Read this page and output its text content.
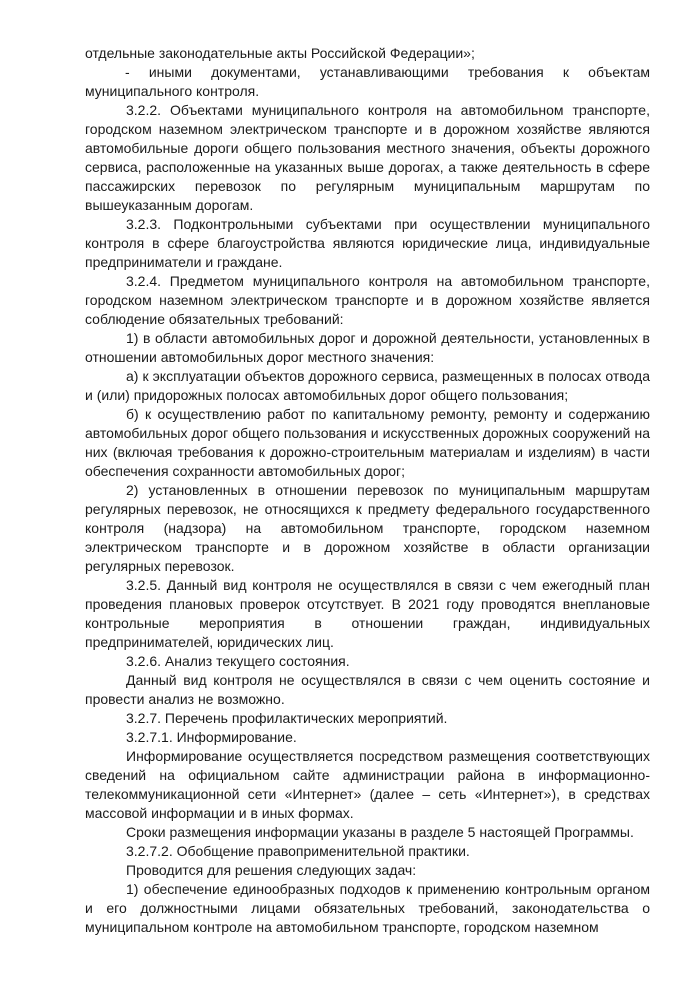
отдельные законодательные акты Российской Федерации»;

- иными документами, устанавливающими требования к объектам муниципального контроля.

3.2.2. Объектами муниципального контроля на автомобильном транспорте, городском наземном электрическом транспорте и в дорожном хозяйстве являются автомобильные дороги общего пользования местного значения, объекты дорожного сервиса, расположенные на указанных выше дорогах, а также деятельность в сфере пассажирских перевозок по регулярным муниципальным маршрутам по вышеуказанным дорогам.

3.2.3. Подконтрольными субъектами при осуществлении муниципального контроля в сфере благоустройства являются юридические лица, индивидуальные предприниматели и граждане.

3.2.4. Предметом муниципального контроля на автомобильном транспорте, городском наземном электрическом транспорте и в дорожном хозяйстве является соблюдение обязательных требований:

1) в области автомобильных дорог и дорожной деятельности, установленных в отношении автомобильных дорог местного значения:

а) к эксплуатации объектов дорожного сервиса, размещенных в полосах отвода и (или) придорожных полосах автомобильных дорог общего пользования;

б) к осуществлению работ по капитальному ремонту, ремонту и содержанию автомобильных дорог общего пользования и искусственных дорожных сооружений на них (включая требования к дорожно-строительным материалам и изделиям) в части обеспечения сохранности автомобильных дорог;

2) установленных в отношении перевозок по муниципальным маршрутам регулярных перевозок, не относящихся к предмету федерального государственного контроля (надзора) на автомобильном транспорте, городском наземном электрическом транспорте и в дорожном хозяйстве в области организации регулярных перевозок.

3.2.5. Данный вид контроля не осуществлялся в связи с чем ежегодный план проведения плановых проверок отсутствует. В 2021 году проводятся внеплановые контрольные мероприятия в отношении граждан, индивидуальных предпринимателей, юридических лиц.

3.2.6. Анализ текущего состояния.

Данный вид контроля не осуществлялся в связи с чем оценить состояние и провести анализ не возможно.

3.2.7. Перечень профилактических мероприятий.

3.2.7.1. Информирование.

Информирование осуществляется посредством размещения соответствующих сведений на официальном сайте администрации района в информационно-телекоммуникационной сети «Интернет» (далее – сеть «Интернет»), в средствах массовой информации и в иных формах.

Сроки размещения информации указаны в разделе 5 настоящей Программы.

3.2.7.2. Обобщение правоприменительной практики.

Проводится для решения следующих задач:

1) обеспечение единообразных подходов к применению контрольным органом и его должностными лицами обязательных требований, законодательства о муниципальном контроле на автомобильном транспорте, городском наземном
